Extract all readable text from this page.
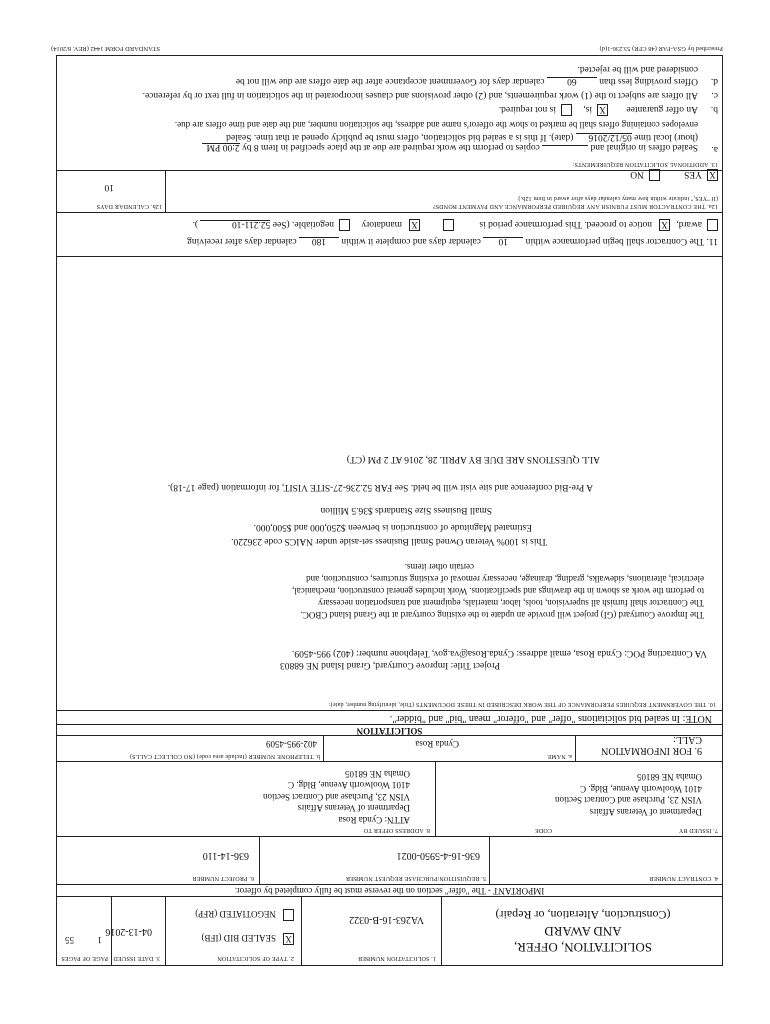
SOLICITATION, OFFER,
AND AWARD
(Construction, Alteration, or Repair)
1. SOLICITATION NUMBER
VA263-16-B-0322
2. TYPE OF SOLICITATION
X
SEALED BID (IFB)
NEGOTIATED (RFP)
3. DATE ISSUED
04-13-2016
PAGE OF PAGES
1
55
IMPORTANT - The "offer" section on the reverse must be fully completed by offeror.
4. CONTRACT NUMBER
5. REQUISITION/PURCHASE REQUEST NUMBER
636-16-4-5950-0021
6. PROJECT NUMBER
636-14-110
7. ISSUED BY
CODE
Department of Veterans Affairs
VISN 23, Purchase and Contract Section
4101 Woolworth Avenue, Bldg. C
Omaha NE 68105
8. ADDRESS OFFER TO
ATTN: Cynda Rosa
Department of Veterans Affairs
VISN 23, Purchase and Contract Section
4101 Woolworth Avenue, Bldg. C
Omaha NE 68105
9. FOR INFORMATION
CALL:
a. NAME
Cynda Rosa
b. TELEPHONE NUMBER (Include area code) (NO COLLECT CALLS)
402-995-4509
SOLICITATION
NOTE: In sealed bid solicitations "offer" and "offeror" mean "bid" and "bidder".
10. THE GOVERNMENT REQUIRES PERFORMANCE OF THE WORK DESCRIBED IN THESE DOCUMENTS (Title, identifying number, date):
Project Title: Improve Courtyard, Grand Island NE 68803
VA Contracting POC: Cynda Rosa, email address: Cynda.Rosa@va.gov, Telephone number: (402) 995-4509.
The Improve Courtyard (GI) project will provide an update to the existing courtyard at the Grand Island CBOC.
The Contractor shall furnish all supervision, tools, labor, materials, equipment and transportation necessary
to perform the work as shown in the drawings and specifications. Work includes general construction, mechanical,
electrical, alterations, sidewalks, grading, drainage, necessary removal of existing structures, construction, and
certain other items.
This is 100% Veteran Owned Small Business set-aside under NAICS code 236220.
Estimated Magnitude of construction is between $250,000 and $500,000.
Small Business Size Standards $36.5 Million
A Pre-Bid conference and site visit will be held. See FAR 52.236-27-SITE VISIT, for information (page 17-18).
ALL QUESTIONS ARE DUE BY APRIL 28, 2016 AT 2 PM (CT)
11. The Contractor shall begin performance within 10 calendar days and complete it within 180 calendar days after receiving
award,
X
notice to proceed. This performance period is
X
mandatory
negotiable. (See 52.211-10 ).
12a. THE CONTRACTOR MUST FURNISH ANY REQUIRED PERFORMANCE AND PAYMENT BONDS?
(If "YES," indicate within how many calendar days after award in Item 12b.)
X
YES
NO
12b. CALENDAR DAYS
10
13. ADDITIONAL SOLICITATION REQUIREMENTS:
a.
Sealed offers in original and  copies to perform the work required are due at the place specified in Item 8 by 2:00 PM
(hour) local time 05/12/2016 (date). If this is a sealed bid solicitation, offers must be publicly opened at that time. Sealed
envelopes containing offers shall be marked to show the offeror's name and address, the solicitation number, and the date and time offers are due.
b.
An offer guarantee
X
is,
is not required.
c.
All offers are subject to the (1) work requirements, and (2) other provisions and clauses incorporated in the solicitation in full text or by reference.
d.
Offers providing less than 60 calendar days for Government acceptance after the date offers are due will not be
considered and will be rejected.
Prescribed by GSA-FAR (48 CFR) 53.236-1(d)
STANDARD FORM 1442 (REV. 8/2014)
